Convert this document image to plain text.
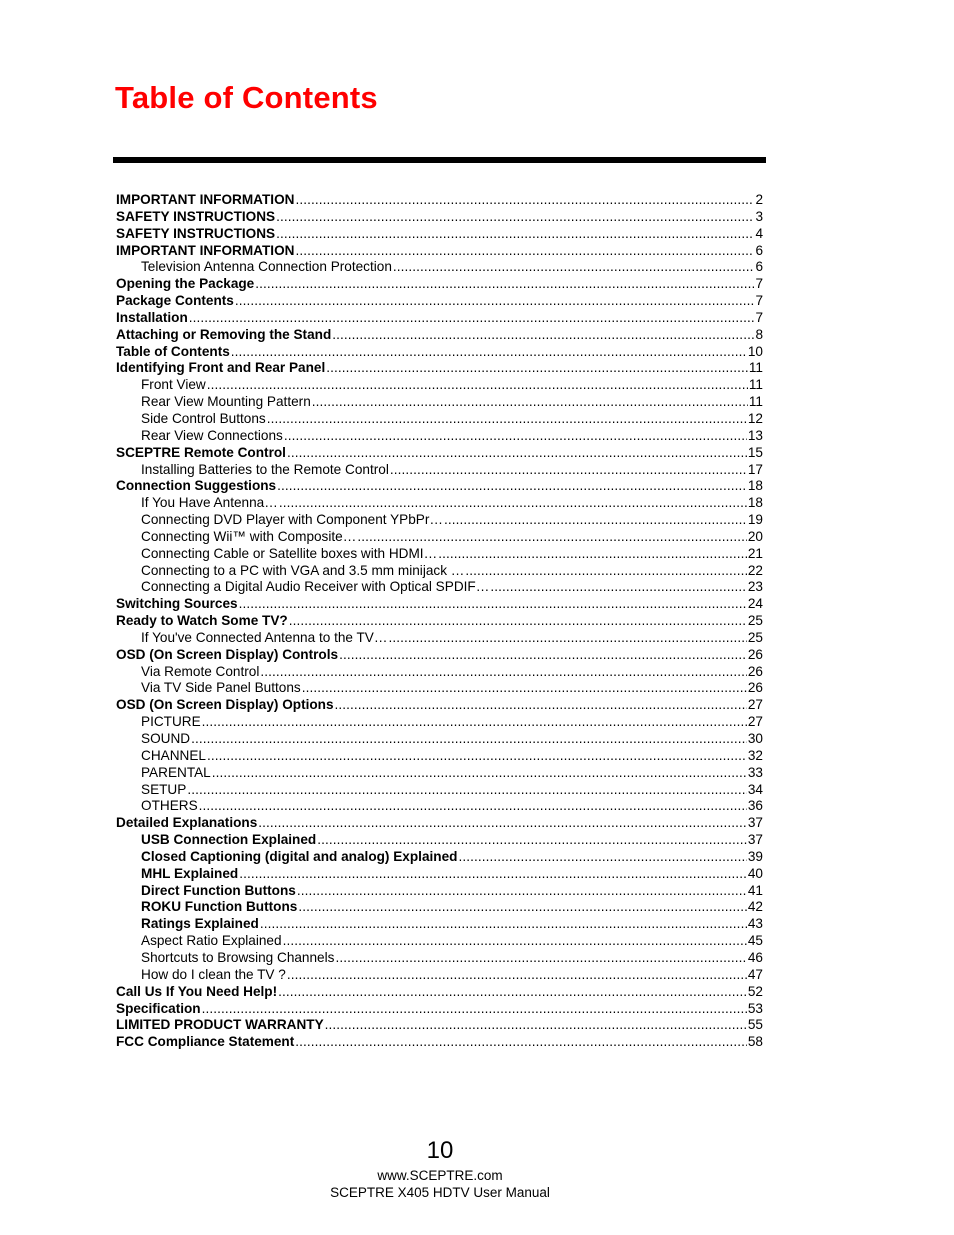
Table of Contents
IMPORTANT INFORMATION .....	2
SAFETY INSTRUCTIONS .....	3
SAFETY INSTRUCTIONS .....	4
IMPORTANT INFORMATION .....	6
Television Antenna Connection Protection .....	6
Opening the Package .....	7
Package Contents .....	7
Installation .....	7
Attaching or Removing the Stand .....	8
Table of Contents .....	10
Identifying Front and Rear Panel .....	11
Front View .....	11
Rear View Mounting Pattern .....	11
Side Control Buttons .....	12
Rear View Connections .....	13
SCEPTRE Remote Control .....	15
Installing Batteries to the Remote Control .....	17
Connection Suggestions .....	18
If You Have Antenna… .....	18
Connecting DVD Player with Component YPbPr… .....	19
Connecting Wii™ with Composite… .....	20
Connecting Cable or Satellite boxes with HDMI… .....	21
Connecting to a PC with VGA and 3.5 mm minijack … .....	22
Connecting a Digital Audio Receiver with Optical SPDIF… .....	23
Switching Sources .....	24
Ready to Watch Some TV? .....	25
If You've Connected Antenna to the TV… .....	25
OSD (On Screen Display) Controls .....	26
Via Remote Control .....	26
Via TV Side Panel Buttons .....	26
OSD (On Screen Display) Options .....	27
PICTURE .....	27
SOUND .....	30
CHANNEL .....	32
PARENTAL .....	33
SETUP .....	34
OTHERS .....	36
Detailed Explanations .....	37
USB Connection Explained .....	37
Closed Captioning (digital and analog) Explained .....	39
MHL Explained .....	40
Direct Function Buttons .....	41
ROKU Function Buttons .....	42
Ratings Explained .....	43
Aspect Ratio Explained .....	45
Shortcuts to Browsing Channels .....	46
How do I clean the TV ? .....	47
Call Us If You Need Help! .....	52
Specification .....	53
LIMITED PRODUCT WARRANTY .....	55
FCC Compliance Statement .....	58
10
www.SCEPTRE.com
SCEPTRE X405 HDTV User Manual
